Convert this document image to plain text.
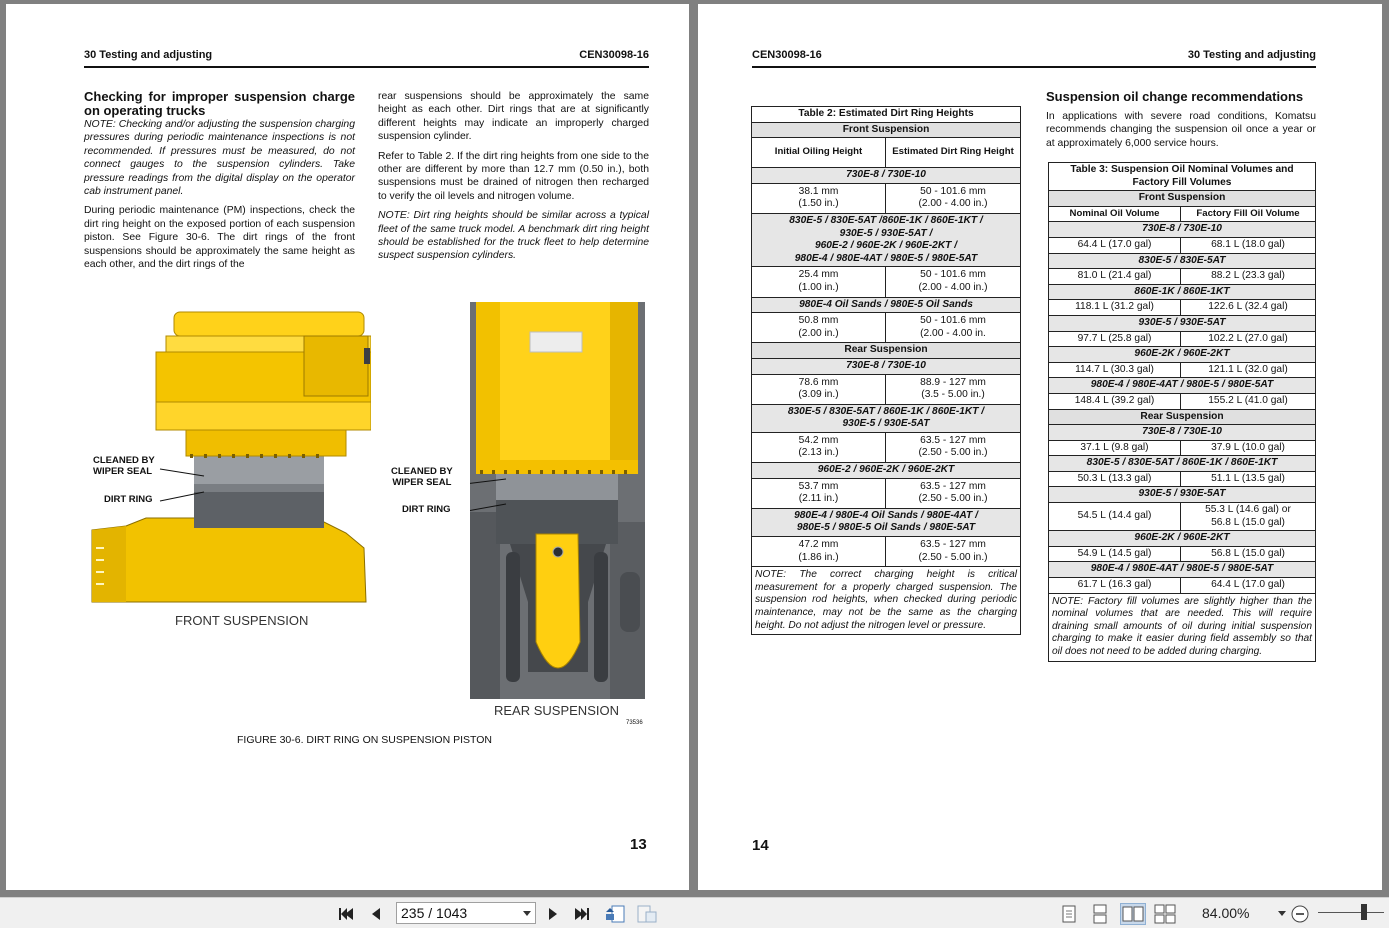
30 Testing and adjusting	CEN30098-16
Checking for improper suspension charge on operating trucks

NOTE: Checking and/or adjusting the suspension charging pressures during periodic maintenance inspections is not recommended. If pressures must be measured, do not connect gauges to the suspension cylinders. Take pressure readings from the digital display on the operator cab instrument panel.

During periodic maintenance (PM) inspections, check the dirt ring height on the exposed portion of each suspension piston. See Figure 30-6. The dirt rings of the front suspensions should be approximately the same height as each other, and the dirt rings of the

rear suspensions should be approximately the same height as each other. Dirt rings that are at significantly different heights may indicate an improperly charged suspension cylinder.

Refer to Table 2. If the dirt ring heights from one side to the other are different by more than 12.7 mm (0.50 in.), both suspensions must be drained of nitrogen then recharged to verify the oil levels and nitrogen volume.

NOTE: Dirt ring heights should be similar across a typical fleet of the same truck model. A benchmark dirt ring height should be established for the truck fleet to help determine suspect suspension cylinders.

CLEANED BY
WIPER SEAL
DIRT RING
FRONT SUSPENSION
CLEANED BY
WIPER SEAL
DIRT RING
REAR SUSPENSION
73536
FIGURE 30-6. DIRT RING ON SUSPENSION PISTON
13
CEN30098-16	30 Testing and adjusting
Suspension oil change recommendations

In applications with severe road conditions, Komatsu recommends changing the suspension oil once a year or at approximately 6,000 service hours.

Table 2: Estimated Dirt Ring Heights	
Front Suspension	
Initial Oiling Height	Estimated Dirt Ring Height
730E-8 / 730E-10	
38.1 mm
(1.50 in.)	50 - 101.6 mm
(2.00 - 4.00 in.)
830E-5 / 830E-5AT /860E-1K / 860E-1KT /
930E-5 / 930E-5AT /
960E-2 / 960E-2K / 960E-2KT /
980E-4 / 980E-4AT / 980E-5 / 980E-5AT	
25.4 mm
(1.00 in.)	50 - 101.6 mm
(2.00 - 4.00 in.)
980E-4 Oil Sands / 980E-5 Oil Sands	
50.8 mm
(2.00 in.)	50 - 101.6 mm
(2.00 - 4.00 in.
Rear Suspension	
730E-8 / 730E-10	
78.6 mm
(3.09 in.)	88.9 - 127 mm
(3.5 - 5.00 in.)
830E-5 / 830E-5AT / 860E-1K / 860E-1KT /
930E-5 / 930E-5AT	
54.2 mm
(2.13 in.)	63.5 - 127 mm
(2.50 - 5.00 in.)
960E-2 / 960E-2K / 960E-2KT	
53.7 mm
(2.11 in.)	63.5 - 127 mm
(2.50 - 5.00 in.)
980E-4 / 980E-4 Oil Sands / 980E-4AT /
980E-5 / 980E-5 Oil Sands / 980E-5AT	
47.2 mm
(1.86 in.)	63.5 - 127 mm
(2.50 - 5.00 in.)
NOTE: The correct charging height is critical measurement for a properly charged suspension. The suspension rod heights, when checked during periodic maintenance, may not be the same as the charging height. Do not adjust the nitrogen level or pressure.	
Table 3: Suspension Oil Nominal Volumes and Factory Fill Volumes	
Front Suspension	
Nominal Oil Volume	Factory Fill Oil Volume
730E-8 / 730E-10	
64.4 L (17.0 gal)	68.1 L (18.0 gal)
830E-5 / 830E-5AT	
81.0 L (21.4 gal)	88.2 L (23.3 gal)
860E-1K / 860E-1KT	
118.1 L (31.2 gal)	122.6 L (32.4 gal)
930E-5 / 930E-5AT	
97.7 L (25.8 gal)	102.2 L (27.0 gal)
960E-2K / 960E-2KT	
114.7 L (30.3 gal)	121.1 L (32.0 gal)
980E-4 / 980E-4AT / 980E-5 / 980E-5AT	
148.4 L (39.2 gal)	155.2 L (41.0 gal)
Rear Suspension	
730E-8 / 730E-10	
37.1 L (9.8 gal)	37.9 L (10.0 gal)
830E-5 / 830E-5AT / 860E-1K / 860E-1KT	
50.3 L (13.3 gal)	51.1 L (13.5 gal)
930E-5 / 930E-5AT	
54.5 L (14.4 gal)	55.3 L (14.6 gal) or
56.8 L (15.0 gal)
960E-2K / 960E-2KT	
54.9 L (14.5 gal)	56.8 L (15.0 gal)
980E-4 / 980E-4AT / 980E-5 / 980E-5AT	
61.7 L (16.3 gal)	64.4 L (17.0 gal)
NOTE: Factory fill volumes are slightly higher than the nominal volumes that are needed. This will require draining small amounts of oil during initial suspension charging to make it easier during field assembly so that oil does not need to be added during charging.	
14
235 / 1043	84.00%
